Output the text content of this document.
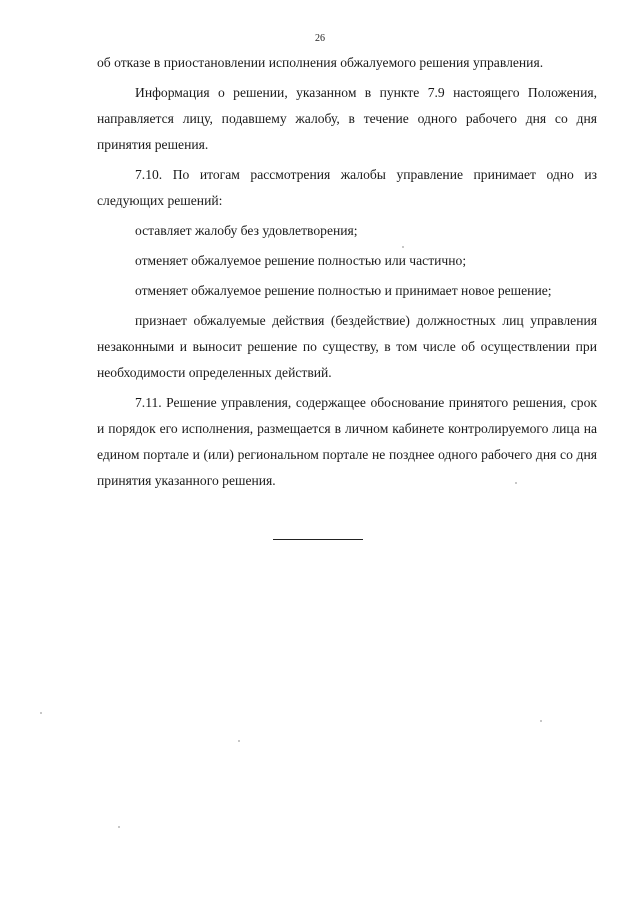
26

об отказе в приостановлении исполнения обжалуемого решения управления.

Информация о решении, указанном в пункте 7.9 настоящего Положения, направляется лицу, подавшему жалобу, в течение одного рабочего дня со дня принятия решения.

7.10. По итогам рассмотрения жалобы управление принимает одно из следующих решений:

оставляет жалобу без удовлетворения;

отменяет обжалуемое решение полностью или частично;

отменяет обжалуемое решение полностью и принимает новое решение;

признает обжалуемые действия (бездействие) должностных лиц управления незаконными и выносит решение по существу, в том числе об осуществлении при необходимости определенных действий.

7.11. Решение управления, содержащее обоснование принятого решения, срок и порядок его исполнения, размещается в личном кабинете контролируемого лица на едином портале и (или) региональном портале не позднее одного рабочего дня со дня принятия указанного решения.
